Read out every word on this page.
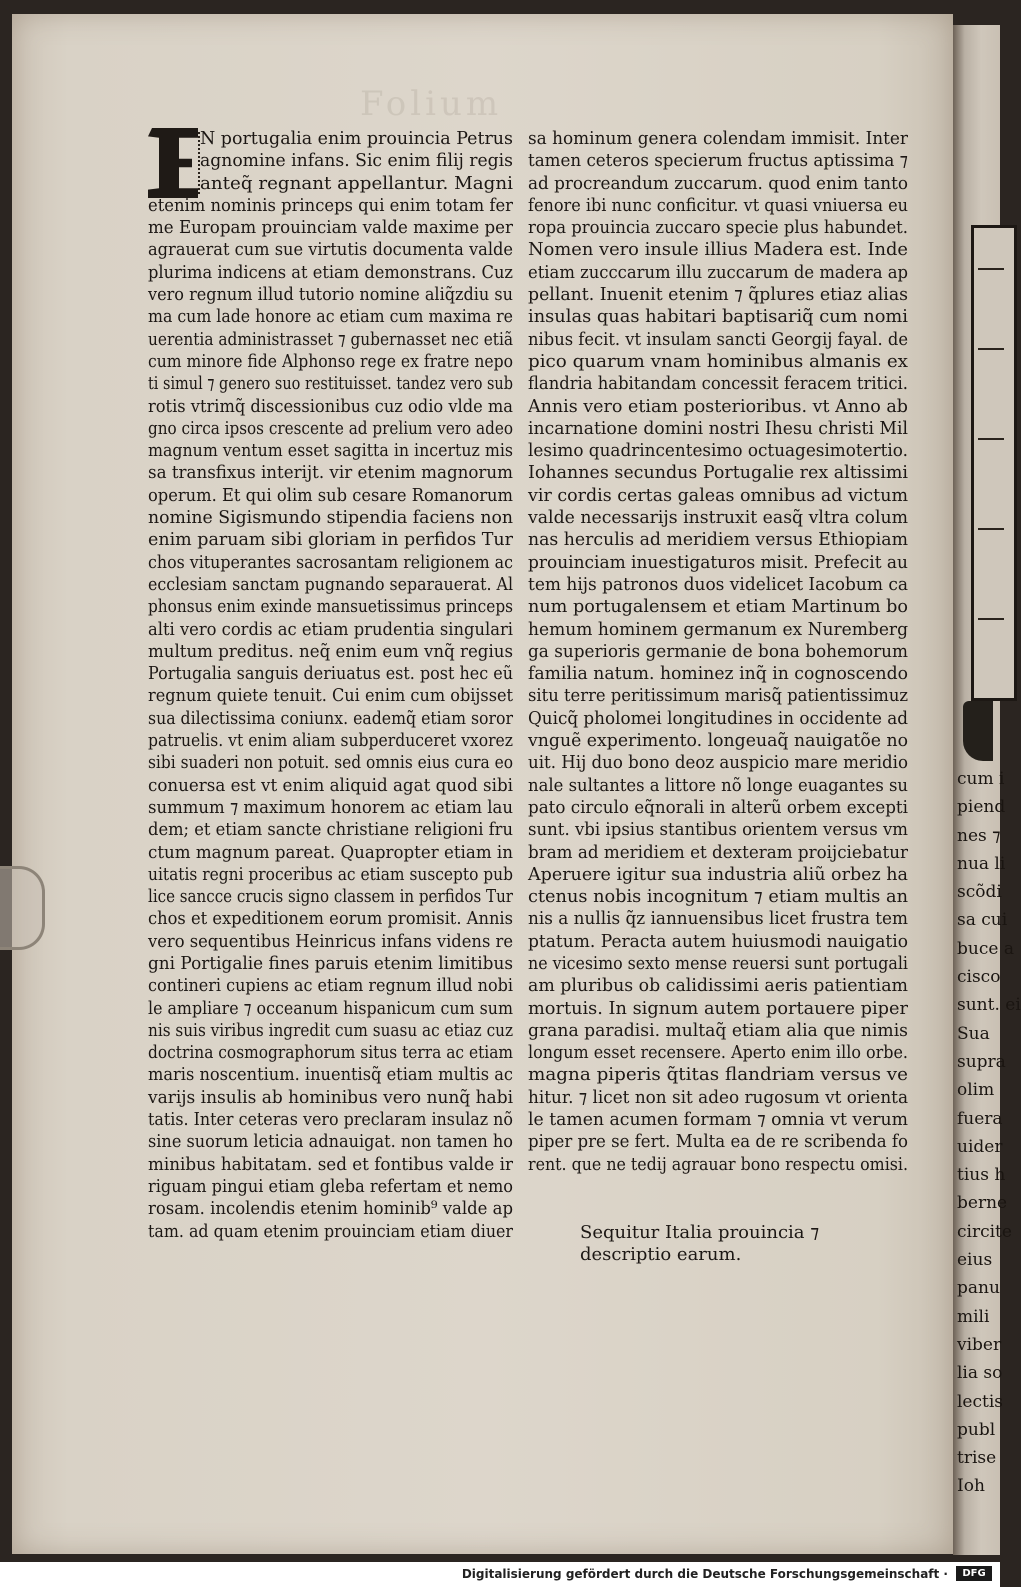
cum i
piend
nes ⁊
nua li
scõdi
sa cui
buce a
cisco
sunt. ei
Sua
supra
olim
fuera
uider
tius h
berne
circite
eius
panu
mili
viber
lia so
lectis
publ
trise
Ioh
Folium
N portugalia enim prouincia Petrus
agnomine infans. Sic enim filij regis
anteq̃ regnant appellantur. Magni
etenim nominis princeps qui enim totam fer
me Europam prouinciam valde maxime per
agrauerat cum sue virtutis documenta valde
plurima indicens at etiam demonstrans. Cuz
vero regnum illud tutorio nomine aliq̃zdiu su
ma cum lade honore ac etiam cum maxima re
uerentia administrasset ⁊ gubernasset nec etiã
cum minore fide Alphonso rege ex fratre nepo
ti simul ⁊ genero suo restituisset. tandez vero sub
rotis vtrimq̃ discessionibus cuz odio vlde ma
gno circa ipsos crescente ad prelium vero adeo
magnum ventum esset sagitta in incertuz mis
sa transfixus interijt. vir etenim magnorum
operum. Et qui olim sub cesare Romanorum
nomine Sigismundo stipendia faciens non
enim paruam sibi gloriam in perfidos Tur
chos vituperantes sacrosantam religionem ac
ecclesiam sanctam pugnando separauerat. Al
phonsus enim exinde mansuetissimus princeps
alti vero cordis ac etiam prudentia singulari
multum preditus. neq̃ enim eum vnq̃ regius
Portugalia sanguis deriuatus est. post hec eũ
regnum quiete tenuit. Cui enim cum obijsset
sua dilectissima coniunx. eademq̃ etiam soror
patruelis. vt enim aliam subperduceret vxorez
sibi suaderi non potuit. sed omnis eius cura eo
conuersa est vt enim aliquid agat quod sibi
summum ⁊ maximum honorem ac etiam lau
dem; et etiam sancte christiane religioni fru
ctum magnum pareat. Quapropter etiam in
uitatis regni proceribus ac etiam suscepto pub
lice sancce crucis signo classem in perfidos Tur
chos et expeditionem eorum promisit. Annis
vero sequentibus Heinricus infans videns re
gni Portigalie fines paruis etenim limitibus
contineri cupiens ac etiam regnum illud nobi
le ampliare ⁊ occeanum hispanicum cum sum
nis suis viribus ingredit cum suasu ac etiaz cuz
doctrina cosmographorum situs terra ac etiam
maris noscentium. inuentisq̃ etiam multis ac
varijs insulis ab hominibus vero nunq̃ habi
tatis. Inter ceteras vero preclaram insulaz nõ
sine suorum leticia adnauigat. non tamen ho
minibus habitatam. sed et fontibus valde ir
riguam pingui etiam gleba refertam et nemo
rosam. incolendis etenim hominib⁹ valde ap
tam. ad quam etenim prouinciam etiam diuer
sa hominum genera colendam immisit. Inter
tamen ceteros specierum fructus aptissima ⁊
ad procreandum zuccarum. quod enim tanto
fenore ibi nunc conficitur. vt quasi vniuersa eu
ropa prouincia zuccaro specie plus habundet.
Nomen vero insule illius Madera est. Inde
etiam zucccarum illu zuccarum de madera ap
pellant. Inuenit etenim ⁊ q̃plures etiaz alias
insulas quas habitari baptisariq̃ cum nomi
nibus fecit. vt insulam sancti Georgij fayal. de
pico quarum vnam hominibus almanis ex
flandria habitandam concessit feracem tritici.
Annis vero etiam posterioribus. vt Anno ab
incarnatione domini nostri Ihesu christi Mil
lesimo quadrincentesimo octuagesimotertio.
Iohannes secundus Portugalie rex altissimi
vir cordis certas galeas omnibus ad victum
valde necessarijs instruxit easq̃ vltra colum
nas herculis ad meridiem versus Ethiopiam
prouinciam inuestigaturos misit. Prefecit au
tem hijs patronos duos videlicet Iacobum ca
num portugalensem et etiam Martinum bo
hemum hominem germanum ex Nuremberg
ga superioris germanie de bona bohemorum
familia natum. hominez inq̃ in cognoscendo
situ terre peritissimum marisq̃ patientissimuz
Quicq̃ pholomei longitudines in occidente ad
vnguẽ experimento. longeuaq̃ nauigatõe no
uit. Hij duo bono deoz auspicio mare meridio
nale sultantes a littore nõ longe euagantes su
pato circulo eq̃norali in alterũ orbem excepti
sunt. vbi ipsius stantibus orientem versus vm
bram ad meridiem et dexteram proijciebatur
Aperuere igitur sua industria aliũ orbez ha
ctenus nobis incognitum ⁊ etiam multis an
nis a nullis q̃z iannuensibus licet frustra tem
ptatum. Peracta autem huiusmodi nauigatio
ne vicesimo sexto mense reuersi sunt portugali
am pluribus ob calidissimi aeris patientiam
mortuis. In signum autem portauere piper
grana paradisi. multaq̃ etiam alia que nimis
longum esset recensere. Aperto enim illo orbe.
magna piperis q̃titas flandriam versus ve
hitur. ⁊ licet non sit adeo rugosum vt orienta
le tamen acumen formam ⁊ omnia vt verum
piper pre se fert. Multa ea de re scribenda fo
rent. que ne tedij agrauar bono respectu omisi.
Sequitur Italia prouincia ⁊
descriptio earum.
Digitalisierung gefördert durch die Deutsche Forschungsgemeinschaft ·	DFG
